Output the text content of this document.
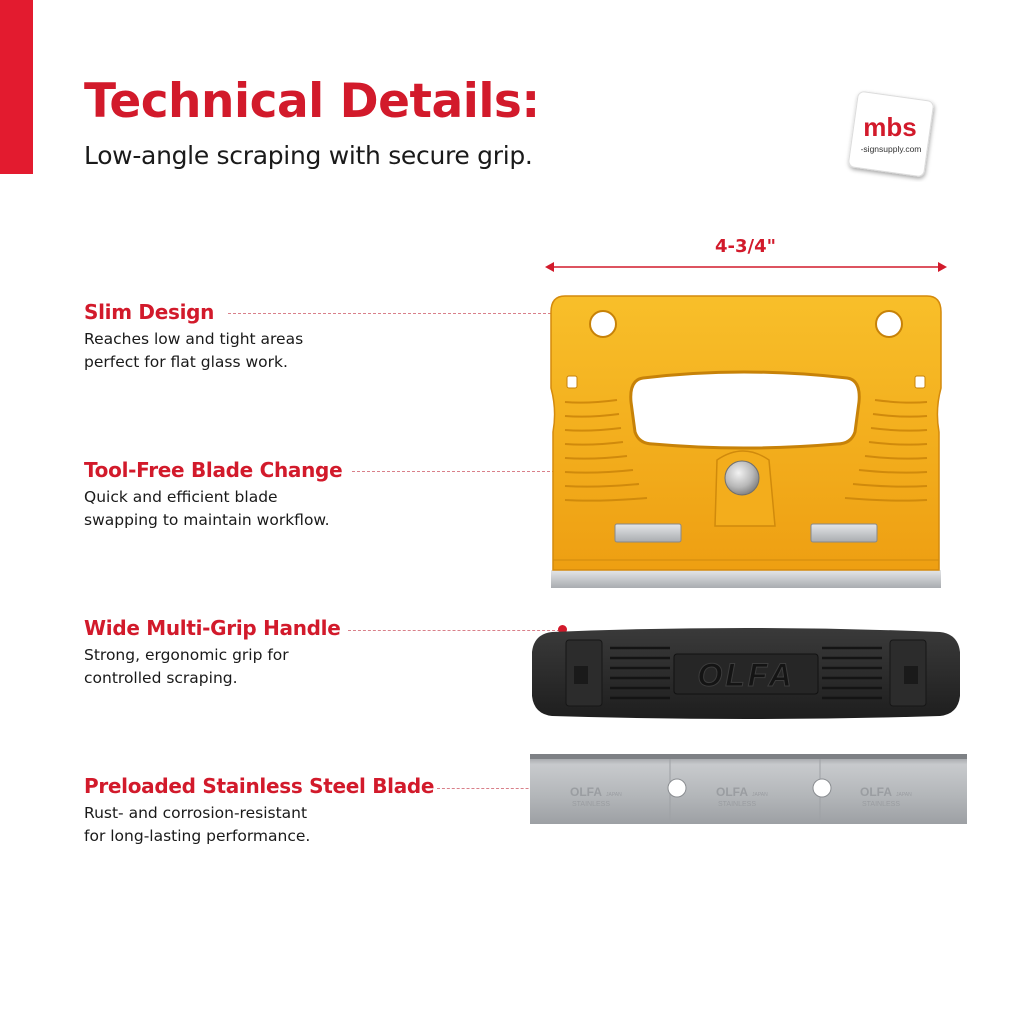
Technical Details:
Low-angle scraping with secure grip.
mbs
-signsupply.com
4-3/4"
Slim Design
Reaches low and tight areas
perfect for flat glass work.
Tool-Free Blade Change
Quick and efficient blade
swapping to maintain workflow.
Wide Multi-Grip Handle
Strong, ergonomic grip for
controlled scraping.
Preloaded Stainless Steel Blade
Rust- and corrosion-resistant
for long-lasting performance.
OLFA
OLFA JAPAN
STAINLESS
OLFA JAPAN
STAINLESS
OLFA JAPAN
STAINLESS
